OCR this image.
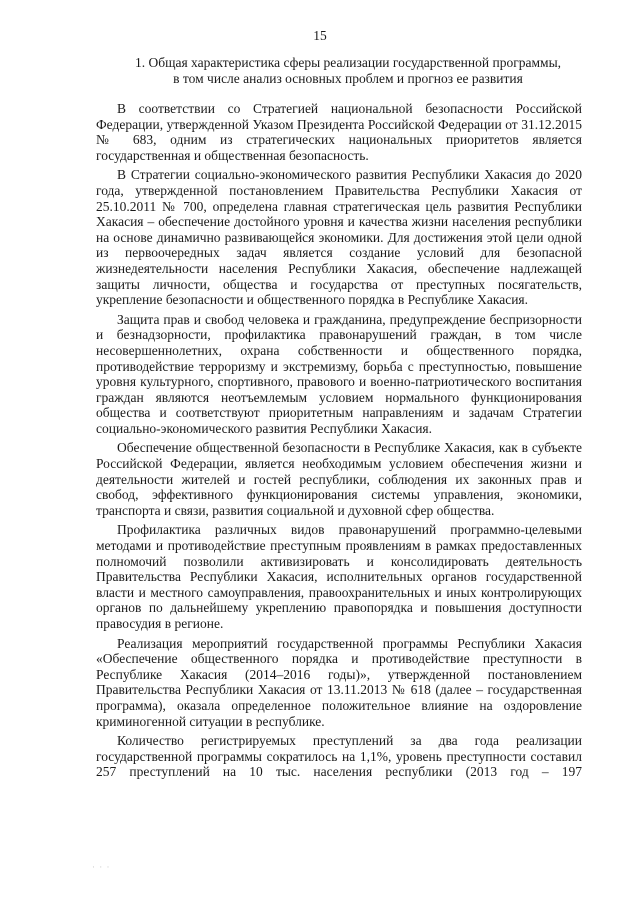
15
1. Общая характеристика сферы реализации государственной программы,
в том числе анализ основных проблем и прогноз ее развития

В соответствии со Стратегией национальной безопасности Российской Федерации, утвержденной Указом Президента Российской Федерации от 31.12.2015 № 683, одним из стратегических национальных приоритетов является государственная и общественная безопасность.

В Стратегии социально-экономического развития Республики Хакасия до 2020 года, утвержденной постановлением Правительства Республики Хакасия от 25.10.2011 № 700, определена главная стратегическая цель развития Республики Хакасия – обеспечение достойного уровня и качества жизни населения республики на основе динамично развивающейся экономики. Для достижения этой цели одной из первоочередных задач является создание условий для безопасной жизнедеятельности населения Республики Хакасия, обеспечение надлежащей защиты личности, общества и государства от преступных посягательств, укрепление безопасности и общественного порядка в Республике Хакасия.

Защита прав и свобод человека и гражданина, предупреждение беспризорности и безнадзорности, профилактика правонарушений граждан, в том числе несовершеннолетних, охрана собственности и общественного порядка, противодействие терроризму и экстремизму, борьба с преступностью, повышение уровня культурного, спортивного, правового и военно-патриотического воспитания граждан являются неотъемлемым условием нормального функционирования общества и соответствуют приоритетным направлениям и задачам Стратегии социально-экономического развития Республики Хакасия.

Обеспечение общественной безопасности в Республике Хакасия, как в субъекте Российской Федерации, является необходимым условием обеспечения жизни и деятельности жителей и гостей республики, соблюдения их законных прав и свобод, эффективного функционирования системы управления, экономики, транспорта и связи, развития социальной и духовной сфер общества.

Профилактика различных видов правонарушений программно-целевыми методами и противодействие преступным проявлениям в рамках предоставленных полномочий позволили активизировать и консолидировать деятельность Правительства Республики Хакасия, исполнительных органов государственной власти и местного самоуправления, правоохранительных и иных контролирующих органов по дальнейшему укреплению правопорядка и повышения доступности правосудия в регионе.

Реализация мероприятий государственной программы Республики Хакасия «Обеспечение общественного порядка и противодействие преступности в Республике Хакасия (2014–2016 годы)», утвержденной постановлением Правительства Республики Хакасия от 13.11.2013 № 618 (далее – государственная программа), оказала определенное положительное влияние на оздоровление криминогенной ситуации в республике.

Количество регистрируемых преступлений за два года реализации государственной программы сократилось на 1,1%, уровень преступности составил 257 преступлений на 10 тыс. населения республики (2013 год – 197

· · ·
